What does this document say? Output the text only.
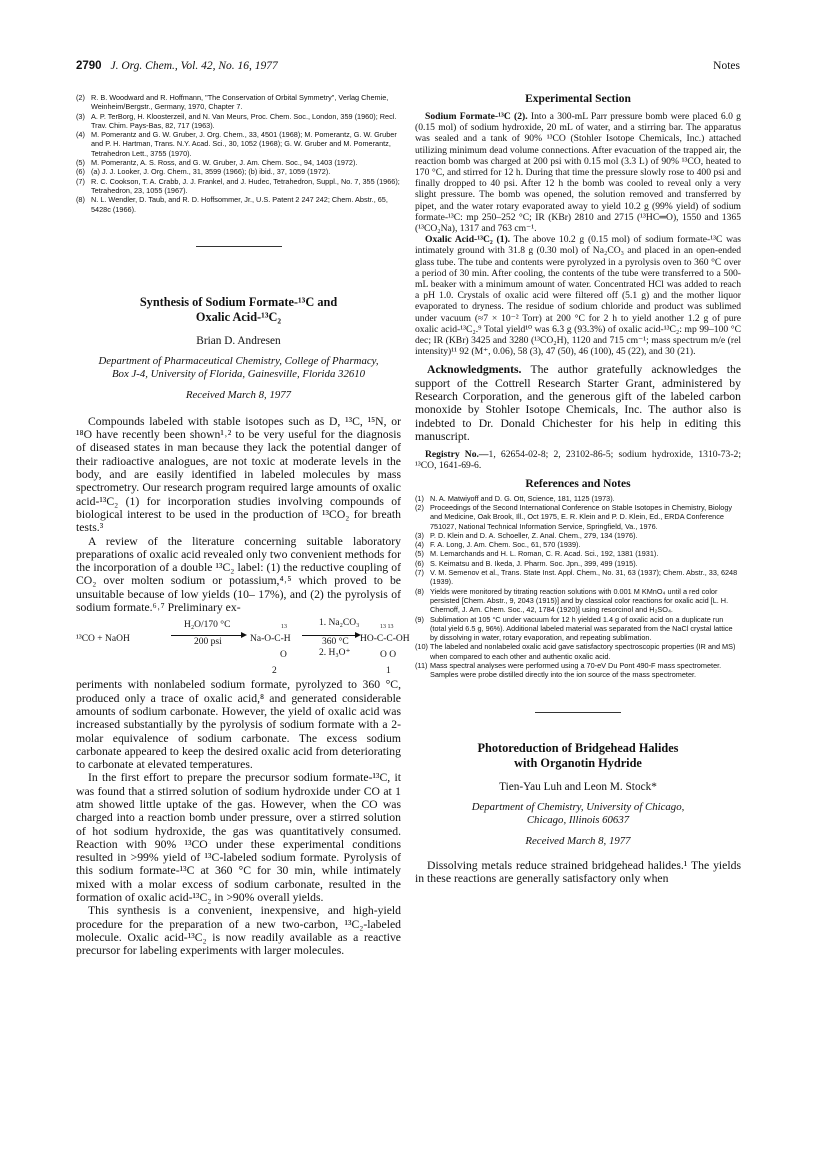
2790 J. Org. Chem., Vol. 42, No. 16, 1977	Notes
(2) R. B. Woodward and R. Hoffmann, "The Conservation of Orbital Symmetry", Verlag Chemie, Weinheim/Bergstr., Germany, 1970, Chapter 7.
(3) A. P. TerBorg, H. Kloosterzeil, and N. Van Meurs, Proc. Chem. Soc., London, 359 (1960); Recl. Trav. Chim. Pays-Bas, 82, 717 (1963).
(4) M. Pomerantz and G. W. Gruber, J. Org. Chem., 33, 4501 (1968); M. Pomerantz, G. W. Gruber and P. H. Hartman, Trans. N.Y. Acad. Sci., 30, 1052 (1968); G. W. Gruber and M. Pomerantz, Tetrahedron Lett., 3755 (1970).
(5) M. Pomerantz, A. S. Ross, and G. W. Gruber, J. Am. Chem. Soc., 94, 1403 (1972).
(6) (a) J. J. Looker, J. Org. Chem., 31, 3599 (1966); (b) ibid., 37, 1059 (1972).
(7) R. C. Cookson, T. A. Crabb, J. J. Frankel, and J. Hudec, Tetrahedron, Suppl., No. 7, 355 (1966); Tetrahedron, 23, 1055 (1967).
(8) N. L. Wendler, D. Taub, and R. D. Hoffsommer, Jr., U.S. Patent 2 247 242; Chem. Abstr., 65, 5428c (1966).
Synthesis of Sodium Formate-¹³C and
Oxalic Acid-¹³C₂
Brian D. Andresen
Department of Pharmaceutical Chemistry, College of Pharmacy,
Box J-4, University of Florida, Gainesville, Florida 32610
Received March 8, 1977

Compounds labeled with stable isotopes such as D, ¹³C, ¹⁵N, or ¹⁸O have recently been shown¹˒² to be very useful for the diagnosis of diseased states in man because they lack the potential danger of their radioactive analogues, are not toxic at moderate levels in the body, and are easily identified in labeled molecules by mass spectrometry. Our research program required large amounts of oxalic acid-¹³C₂ (1) for incorporation studies involving compounds of biological interest to be used in the production of ¹³CO₂ for breath tests.³

A review of the literature concerning suitable laboratory preparations of oxalic acid revealed only two convenient methods for the incorporation of a double ¹³C₂ label: (1) the reductive coupling of CO₂ over molten sodium or potassium,⁴˒⁵ which proved to be unsuitable because of low yields (10– 17%), and (2) the pyrolysis of sodium formate.⁶˒⁷ Preliminary ex-

¹³CO + NaOH
H₂O/170 °C
200 psi	Na-O-C-H
13
O
1. Na₂CO₃
360 °C
2. H₃O⁺
HO-C-C-OH
13 13
O O
2	1

periments with nonlabeled sodium formate, pyrolyzed to 360 °C, produced only a trace of oxalic acid,⁸ and generated considerable amounts of sodium carbonate. However, the yield of oxalic acid was increased substantially by the pyrolysis of sodium formate with a 2-molar equivalence of sodium carbonate. The excess sodium carbonate appeared to keep the desired oxalic acid from deteriorating to carbonate at elevated temperatures.

In the first effort to prepare the precursor sodium formate-¹³C, it was found that a stirred solution of sodium hydroxide under CO at 1 atm showed little uptake of the gas. However, when the CO was charged into a reaction bomb under pressure, over a stirred solution of hot sodium hydroxide, the gas was quantitatively consumed. Reaction with 90% ¹³CO under these experimental conditions resulted in >99% yield of ¹³C-labeled sodium formate. Pyrolysis of this sodium formate-¹³C at 360 °C for 30 min, while intimately mixed with a molar excess of sodium carbonate, resulted in the formation of oxalic acid-¹³C₂ in >90% overall yields.

This synthesis is a convenient, inexpensive, and high-yield procedure for the preparation of a new two-carbon, ¹³C₂-labeled molecule. Oxalic acid-¹³C₂ is now readily available as a reactive precursor for labeling experiments with larger molecules.

Experimental Section

Sodium Formate-¹³C (2). Into a 300-mL Parr pressure bomb were placed 6.0 g (0.15 mol) of sodium hydroxide, 20 mL of water, and a stirring bar. The apparatus was sealed and a tank of 90% ¹³CO (Stohler Isotope Chemicals, Inc.) attached utilizing minimum dead volume connections. After evacuation of the trapped air, the reaction bomb was charged at 200 psi with 0.15 mol (3.3 L) of 90% ¹³CO, heated to 170 °C, and stirred for 12 h. During that time the pressure slowly rose to 400 psi and finally dropped to 40 psi. After 12 h the bomb was cooled to reveal only a very slight pressure. The bomb was opened, the solution removed and transferred by pipet, and the water rotary evaporated away to yield 10.2 g (99% yield) of sodium formate-¹³C: mp 250–252 °C; IR (KBr) 2810 and 2715 (¹³HC═O), 1550 and 1365 (¹³CO₂Na), 1317 and 763 cm⁻¹.

Oxalic Acid-¹³C₂ (1). The above 10.2 g (0.15 mol) of sodium formate-¹³C was intimately ground with 31.8 g (0.30 mol) of Na₂CO₃ and placed in an open-ended glass tube. The tube and contents were pyrolyzed in a pyrolysis oven to 360 °C over a period of 30 min. After cooling, the contents of the tube were transferred to a 500-mL beaker with a minimum amount of water. Concentrated HCl was added to reach a pH 1.0. Crystals of oxalic acid were filtered off (5.1 g) and the mother liquor evaporated to dryness. The residue of sodium chloride and product was sublimed under vacuum (≈7 × 10⁻² Torr) at 200 °C for 2 h to yield another 1.2 g of pure oxalic acid-¹³C₂.⁹ Total yield¹⁰ was 6.3 g (93.3%) of oxalic acid-¹³C₂: mp 99–100 °C dec; IR (KBr) 3425 and 3280 (¹³CO₂H), 1120 and 715 cm⁻¹; mass spectrum m/e (rel intensity)¹¹ 92 (M⁺, 0.06), 58 (3), 47 (50), 46 (100), 45 (22), and 30 (21).

Acknowledgments. The author gratefully acknowledges the support of the Cottrell Research Starter Grant, administered by Research Corporation, and the generous gift of the labeled carbon monoxide by Stohler Isotope Chemicals, Inc. The author also is indebted to Dr. Donald Chichester for his help in editing this manuscript.

Registry No.—1, 62654-02-8; 2, 23102-86-5; sodium hydroxide, 1310-73-2; ¹³CO, 1641-69-6.

References and Notes
(1) N. A. Matwiyoff and D. G. Ott, Science, 181, 1125 (1973).
(2) Proceedings of the Second International Conference on Stable Isotopes in Chemistry, Biology and Medicine, Oak Brook, Ill., Oct 1975, E. R. Klein and P. D. Klein, Ed., ERDA Conference 751027, National Technical Information Service, Springfield, Va., 1976.
(3) P. D. Klein and D. A. Schoeller, Z. Anal. Chem., 279, 134 (1976).
(4) F. A. Long, J. Am. Chem. Soc., 61, 570 (1939).
(5) M. Lemarchands and H. L. Roman, C. R. Acad. Sci., 192, 1381 (1931).
(6) S. Keimatsu and B. Ikeda, J. Pharm. Soc. Jpn., 399, 499 (1915).
(7) V. M. Semenov et al., Trans. State Inst. Appl. Chem., No. 31, 63 (1937); Chem. Abstr., 33, 6248 (1939).
(8) Yields were monitored by titrating reaction solutions with 0.001 M KMnO₄ until a red color persisted [Chem. Abstr., 9, 2043 (1915)] and by classical color reactions for oxalic acid [L. H. Chernoff, J. Am. Chem. Soc., 42, 1784 (1920)] using resorcinol and H₂SO₄.
(9) Sublimation at 105 °C under vacuum for 12 h yielded 1.4 g of oxalic acid on a duplicate run (total yield 6.5 g, 96%). Additional labeled material was separated from the NaCl crystal lattice by dissolving in water, rotary evaporation, and repeating sublimation.
(10) The labeled and nonlabeled oxalic acid gave satisfactory spectroscopic properties (IR and MS) when compared to each other and authentic oxalic acid.
(11) Mass spectral analyses were performed using a 70-eV Du Pont 490-F mass spectrometer. Samples were probe distilled directly into the ion source of the mass spectrometer.
Photoreduction of Bridgehead Halides
with Organotin Hydride
Tien-Yau Luh and Leon M. Stock*
Department of Chemistry, University of Chicago,
Chicago, Illinois 60637
Received March 8, 1977

Dissolving metals reduce strained bridgehead halides.¹ The yields in these reactions are generally satisfactory only when
